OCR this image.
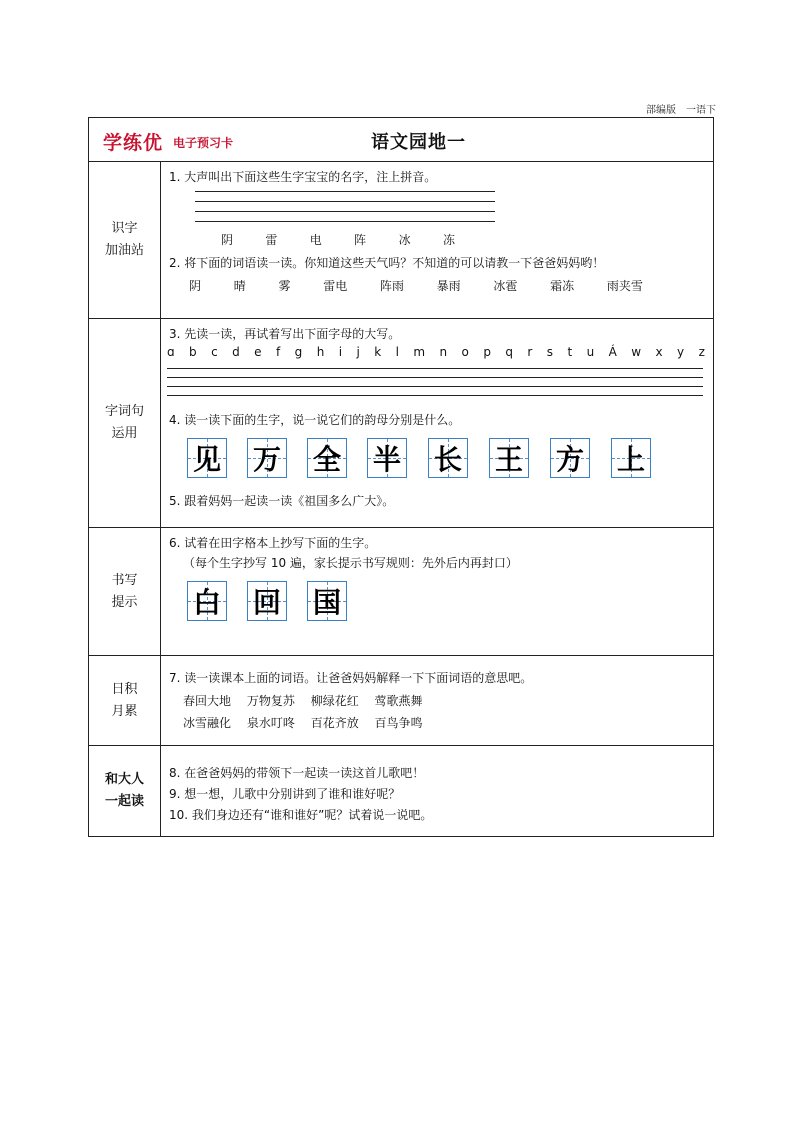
部编版　一语下
学练优 电子预习卡	语文园地一
识字
加油站
1. 大声叫出下面这些生字宝宝的名字，注上拼音。
阴	雷	电	阵	冰	冻
2. 将下面的词语读一读。你知道这些天气吗？不知道的可以请教一下爸爸妈妈哟！
阴	晴	雾	雷电	阵雨	暴雨	冰雹	霜冻	雨夹雪
字词句
运用
3. 先读一读，再试着写出下面字母的大写。
ɑ b c d e f g h i j k l m n o p q r s t u Á w x y z
4. 读一读下面的生字，说一说它们的韵母分别是什么。
见 万 全 半 长 王 方 上
5. 跟着妈妈一起读一读《祖国多么广大》。
书写
提示
6. 试着在田字格本上抄写下面的生字。
（每个生字抄写 10 遍，家长提示书写规则：先外后内再封口）
白 回 国
日积
月累
7. 读一读课本上面的词语。让爸爸妈妈解释一下下面词语的意思吧。
春回大地 万物复苏 柳绿花红 莺歌燕舞
冰雪融化 泉水叮咚 百花齐放 百鸟争鸣
和大人
一起读
8. 在爸爸妈妈的带领下一起读一读这首儿歌吧！
9. 想一想，儿歌中分别讲到了谁和谁好呢？
10. 我们身边还有“谁和谁好”呢？试着说一说吧。
